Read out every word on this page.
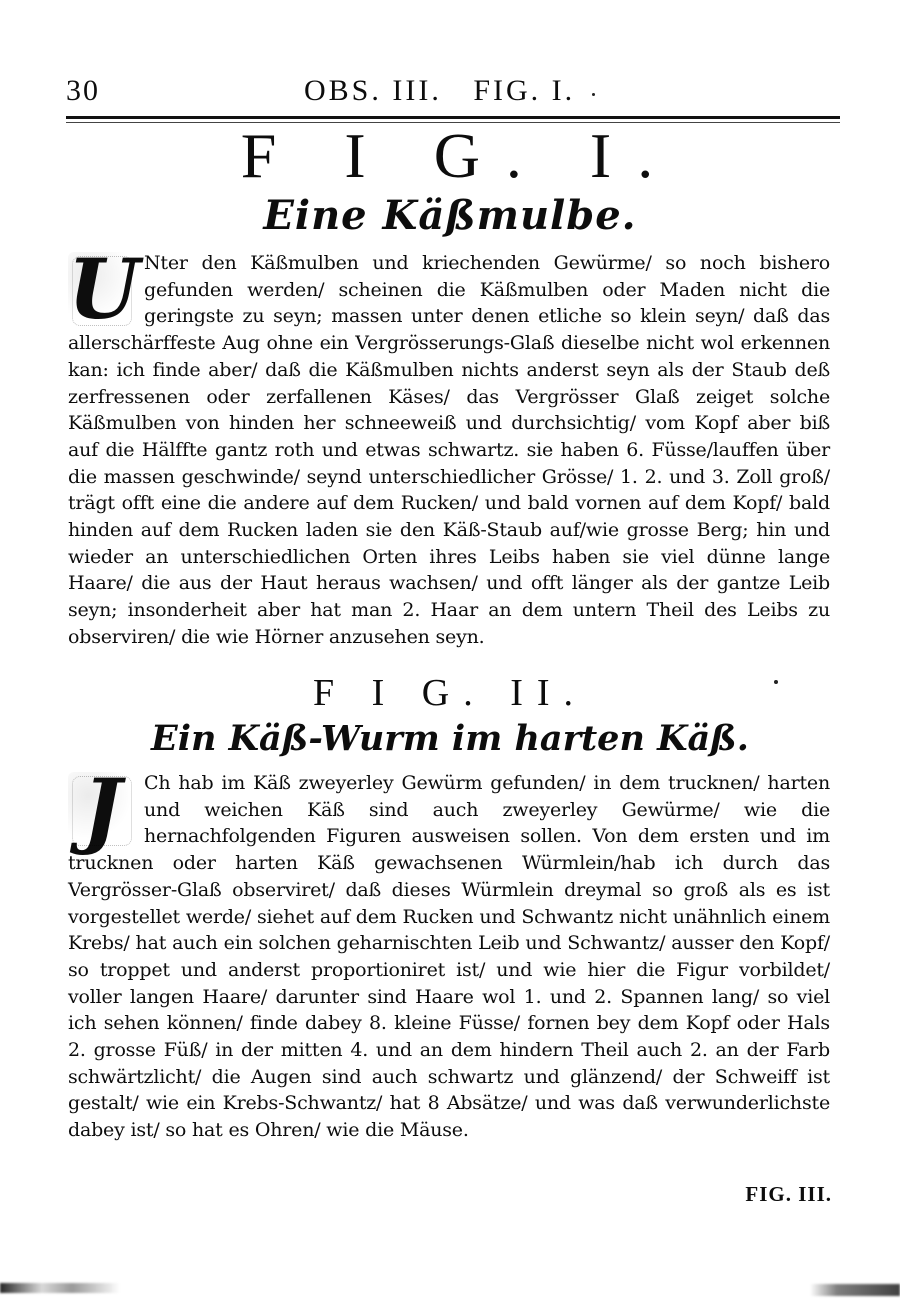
30	OBS. III.   FIG. I.
F I G. I.
Eine Käßmulbe.
U Nter den Käßmulben und kriechenden Gewürme/ so noch bishero gefunden werden/ scheinen die Käßmulben oder Maden nicht die geringste zu seyn; massen unter denen etliche so klein seyn/ daß das allerschärffeste Aug ohne ein Vergrösserungs-Glaß dieselbe nicht wol erkennen kan: ich finde aber/ daß die Käßmulben nichts anderst seyn als der Staub deß zerfressenen oder zerfallenen Käses/ das Vergrösser Glaß zeiget solche Käßmulben von hinden her schneeweiß und durchsichtig/ vom Kopf aber biß auf die Hälffte gantz roth und etwas schwartz. sie haben 6. Füsse/lauffen über die massen geschwinde/ seynd unterschiedlicher Grösse/ 1. 2. und 3. Zoll groß/ trägt offt eine die andere auf dem Rucken/ und bald vornen auf dem Kopf/ bald hinden auf dem Rucken laden sie den Käß-Staub auf/wie grosse Berg; hin und wieder an unterschiedlichen Orten ihres Leibs haben sie viel dünne lange Haare/ die aus der Haut heraus wachsen/ und offt länger als der gantze Leib seyn; insonderheit aber hat man 2. Haar an dem untern Theil des Leibs zu observiren/ die wie Hörner anzusehen seyn.
F I G. II.
Ein Käß-Wurm im harten Käß.
J	Ch hab im Käß zweyerley Gewürm gefunden/ in dem trucknen/ harten und weichen Käß sind auch zweyerley Gewürme/ wie die hernachfolgenden Figuren ausweisen sollen. Von dem ersten und im trucknen oder harten Käß gewachsenen Würmlein/hab ich durch das Vergrösser-Glaß observiret/ daß dieses Würmlein dreymal so groß als es ist vorgestellet werde/ siehet auf dem Rucken und Schwantz nicht unähnlich einem Krebs/ hat auch ein solchen geharnischten Leib und Schwantz/ ausser den Kopf/ so troppet und anderst proportioniret ist/ und wie hier die Figur vorbildet/ voller langen Haare/ darunter sind Haare wol 1. und 2. Spannen lang/ so viel ich sehen können/ finde dabey 8. kleine Füsse/ fornen bey dem Kopf oder Hals 2. grosse Füß/ in der mitten 4. und an dem hindern Theil auch 2. an der Farb schwärtzlicht/ die Augen sind auch schwartz und glänzend/ der Schweiff ist gestalt/ wie ein Krebs-Schwantz/ hat 8 Absätze/ und was daß verwunderlichste dabey ist/ so hat es Ohren/ wie die Mäuse.
FIG. III.
